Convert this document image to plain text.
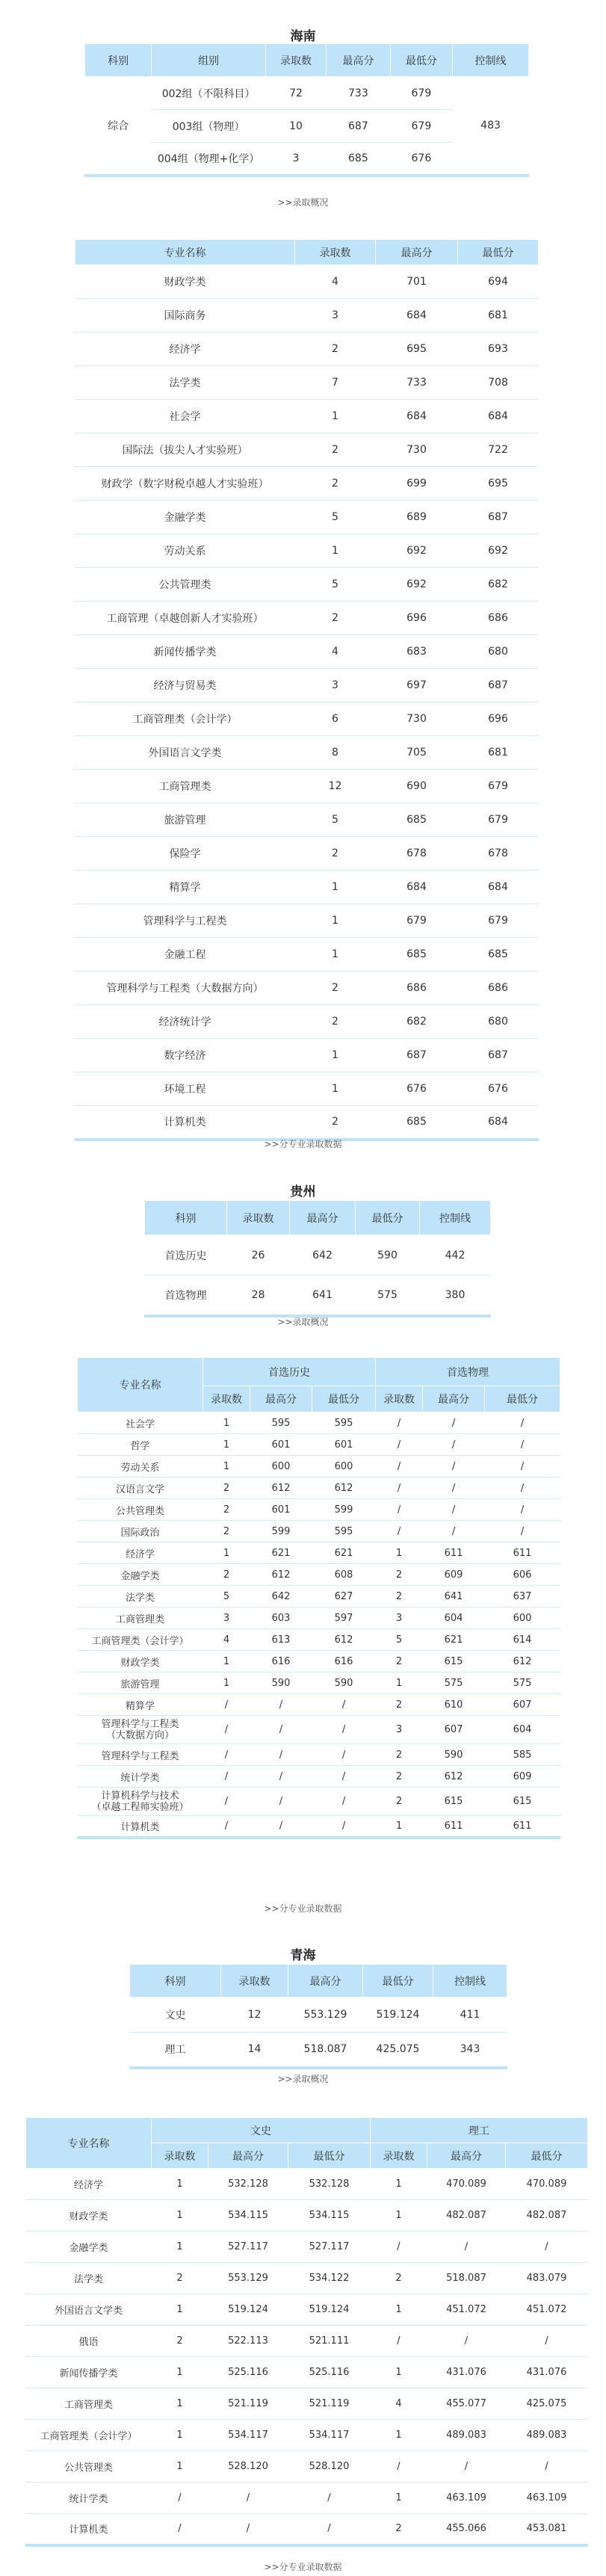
海南
科别	组别	录取数	最高分	最低分	控制线
综合	002组（不限科目）	72	733	679	483
	003组（物理）	10	687	679	
	004组（物理+化学）	3	685	676	
>>录取概况
专业名称	录取数	最高分	最低分
财政学类	4	701	694
国际商务	3	684	681
经济学	2	695	693
法学类	7	733	708
社会学	1	684	684
国际法（拔尖人才实验班）	2	730	722
财政学（数字财税卓越人才实验班）	2	699	695
金融学类	5	689	687
劳动关系	1	692	692
公共管理类	5	692	682
工商管理（卓越创新人才实验班）	2	696	686
新闻传播学类	4	683	680
经济与贸易类	3	697	687
工商管理类（会计学）	6	730	696
外国语言文学类	8	705	681
工商管理类	12	690	679
旅游管理	5	685	679
保险学	2	678	678
精算学	1	684	684
管理科学与工程类	1	679	679
金融工程	1	685	685
管理科学与工程类（大数据方向）	2	686	686
经济统计学	2	682	680
数字经济	1	687	687
环境工程	1	676	676
计算机类	2	685	684
>>分专业录取数据
贵州
科别	录取数	最高分	最低分	控制线
首选历史	26	642	590	442
首选物理	28	641	575	380
>>录取概况
专业名称	首选历史			首选物理		
	录取数	最高分	最低分	录取数	最高分	最低分
社会学	1	595	595	/	/	/
哲学	1	601	601	/	/	/
劳动关系	1	600	600	/	/	/
汉语言文学	2	612	612	/	/	/
公共管理类	2	601	599	/	/	/
国际政治	2	599	595	/	/	/
经济学	1	621	621	1	611	611
金融学类	2	612	608	2	609	606
法学类	5	642	627	2	641	637
工商管理类	3	603	597	3	604	600
工商管理类（会计学）	4	613	612	5	621	614
财政学类	1	616	616	2	615	612
旅游管理	1	590	590	1	575	575
精算学	/	/	/	2	610	607
管理科学与工程类
（大数据方向）	/	/	/	3	607	604
管理科学与工程类	/	/	/	2	590	585
统计学类	/	/	/	2	612	609
计算机科学与技术
（卓越工程师实验班）	/	/	/	2	615	615
计算机类	/	/	/	1	611	611
>>分专业录取数据
青海
科别	录取数	最高分	最低分	控制线
文史	12	553.129	519.124	411
理工	14	518.087	425.075	343
>>录取概况
专业名称	文史			理工		
	录取数	最高分	最低分	录取数	最高分	最低分
经济学	1	532.128	532.128	1	470.089	470.089
财政学类	1	534.115	534.115	1	482.087	482.087
金融学类	1	527.117	527.117	/	/	/
法学类	2	553.129	534.122	2	518.087	483.079
外国语言文学类	1	519.124	519.124	1	451.072	451.072
俄语	2	522.113	521.111	/	/	/
新闻传播学类	1	525.116	525.116	1	431.076	431.076
工商管理类	1	521.119	521.119	4	455.077	425.075
工商管理类（会计学）	1	534.117	534.117	1	489.083	489.083
公共管理类	1	528.120	528.120	/	/	/
统计学类	/	/	/	1	463.109	463.109
计算机类	/	/	/	2	455.066	453.081
>>分专业录取数据
